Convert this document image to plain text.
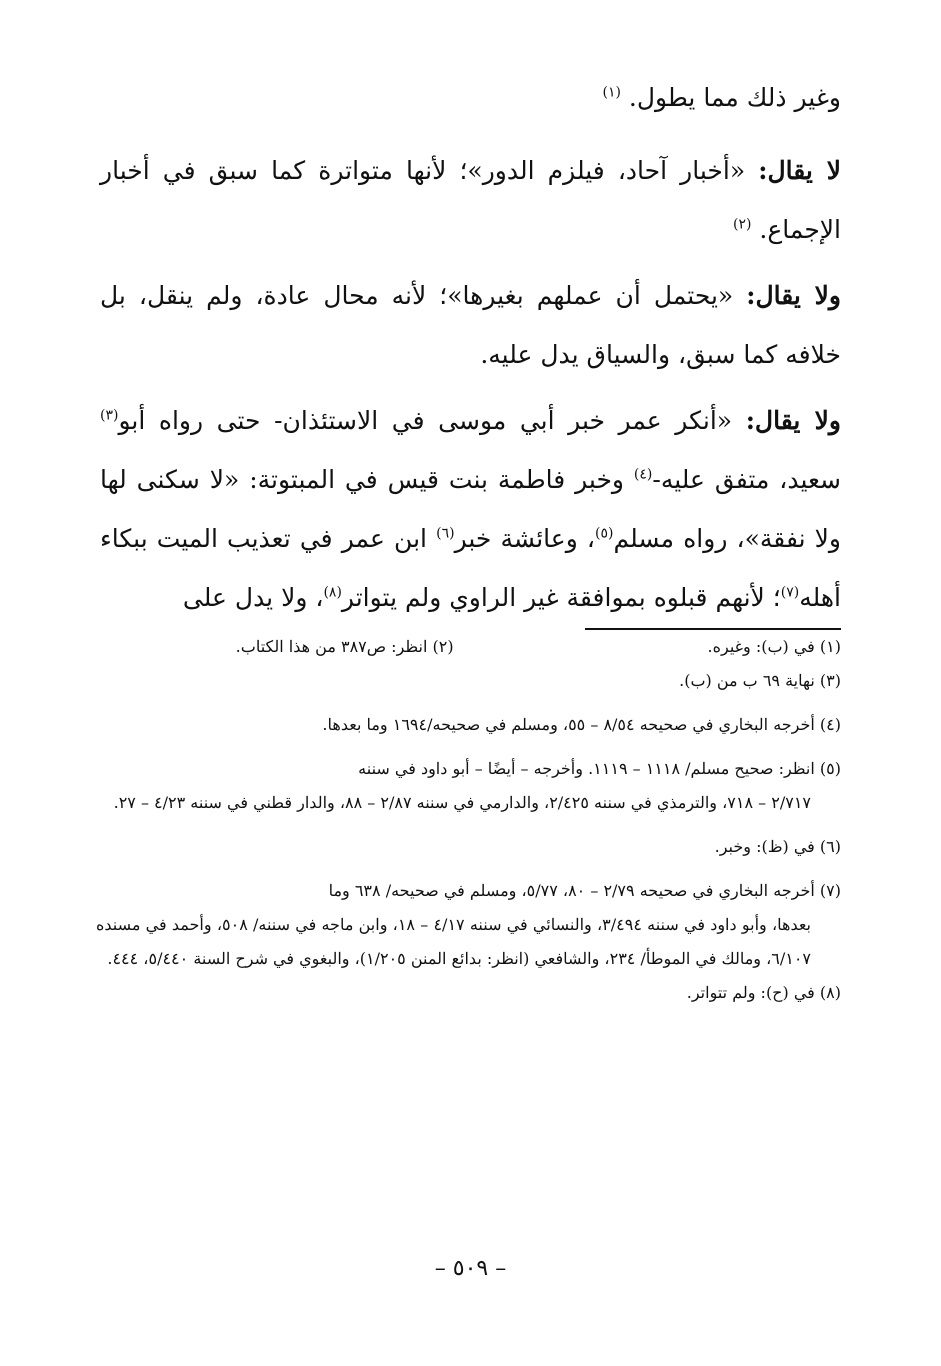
وغير ذلك مما يطول. $^{(١)}$

لا يقال: «أخبار آحاد، فيلزم الدور»؛ لأنها متواترة كما سبق في أخبار الإجماع. $^{(٢)}$

ولا يقال: «يحتمل أن عملهم بغيرها»؛ لأنه محال عادة، ولم ينقل، بل خلافه كما سبق، والسياق يدل عليه.

ولا يقال: «أنكر عمر خبر أبي موسى في الاستئذان- حتى رواه أبو$^{(٣)}$ سعيد، متفق عليه-$^{(٤)}$ وخبر فاطمة بنت قيس في المبتوتة: «لا سكنى لها ولا نفقة»، رواه مسلم$^{(٥)}$، وعائشة خبر$^{(٦)}$ ابن عمر في تعذيب الميت ببكاء أهله$^{(٧)}$؛ لأنهم قبلوه بموافقة غير الراوي ولم يتواتر$^{(٨)}$، ولا يدل على

(١) في (ب): وغيره.

(٢) انظر: ص٣٨٧ من هذا الكتاب.

(٣) نهاية ٦٩ ب من (ب).

(٤) أخرجه البخاري في صحيحه ٨/٥٤ – ٥٥، ومسلم في صحيحه/١٦٩٤ وما بعدها.

(٥) انظر: صحيح مسلم/ ١١١٨ – ١١١٩. وأخرجه – أيضًا – أبو داود في سننه
٢/٧١٧ – ٧١٨، والترمذي في سننه ٢/٤٢٥، والدارمي في سننه ٢/٨٧ – ٨٨، والدار قطني في سننه ٤/٢٣ – ٢٧.

(٦) في (ظ): وخبر.

(٧) أخرجه البخاري في صحيحه ٢/٧٩ – ٨٠، ٥/٧٧، ومسلم في صحيحه/ ٦٣٨ وما
بعدها، وأبو داود في سننه ٣/٤٩٤، والنسائي في سننه ٤/١٧ – ١٨، وابن ماجه في سننه/ ٥٠٨، وأحمد في مسنده ٦/١٠٧، ومالك في الموطأ/ ٢٣٤، والشافعي (انظر: بدائع المنن ١/٢٠٥)، والبغوي في شرح السنة ٥/٤٤٠، ٤٤٤.

(٨) في (ح): ولم تتواتر.

– ٥٠٩ –
